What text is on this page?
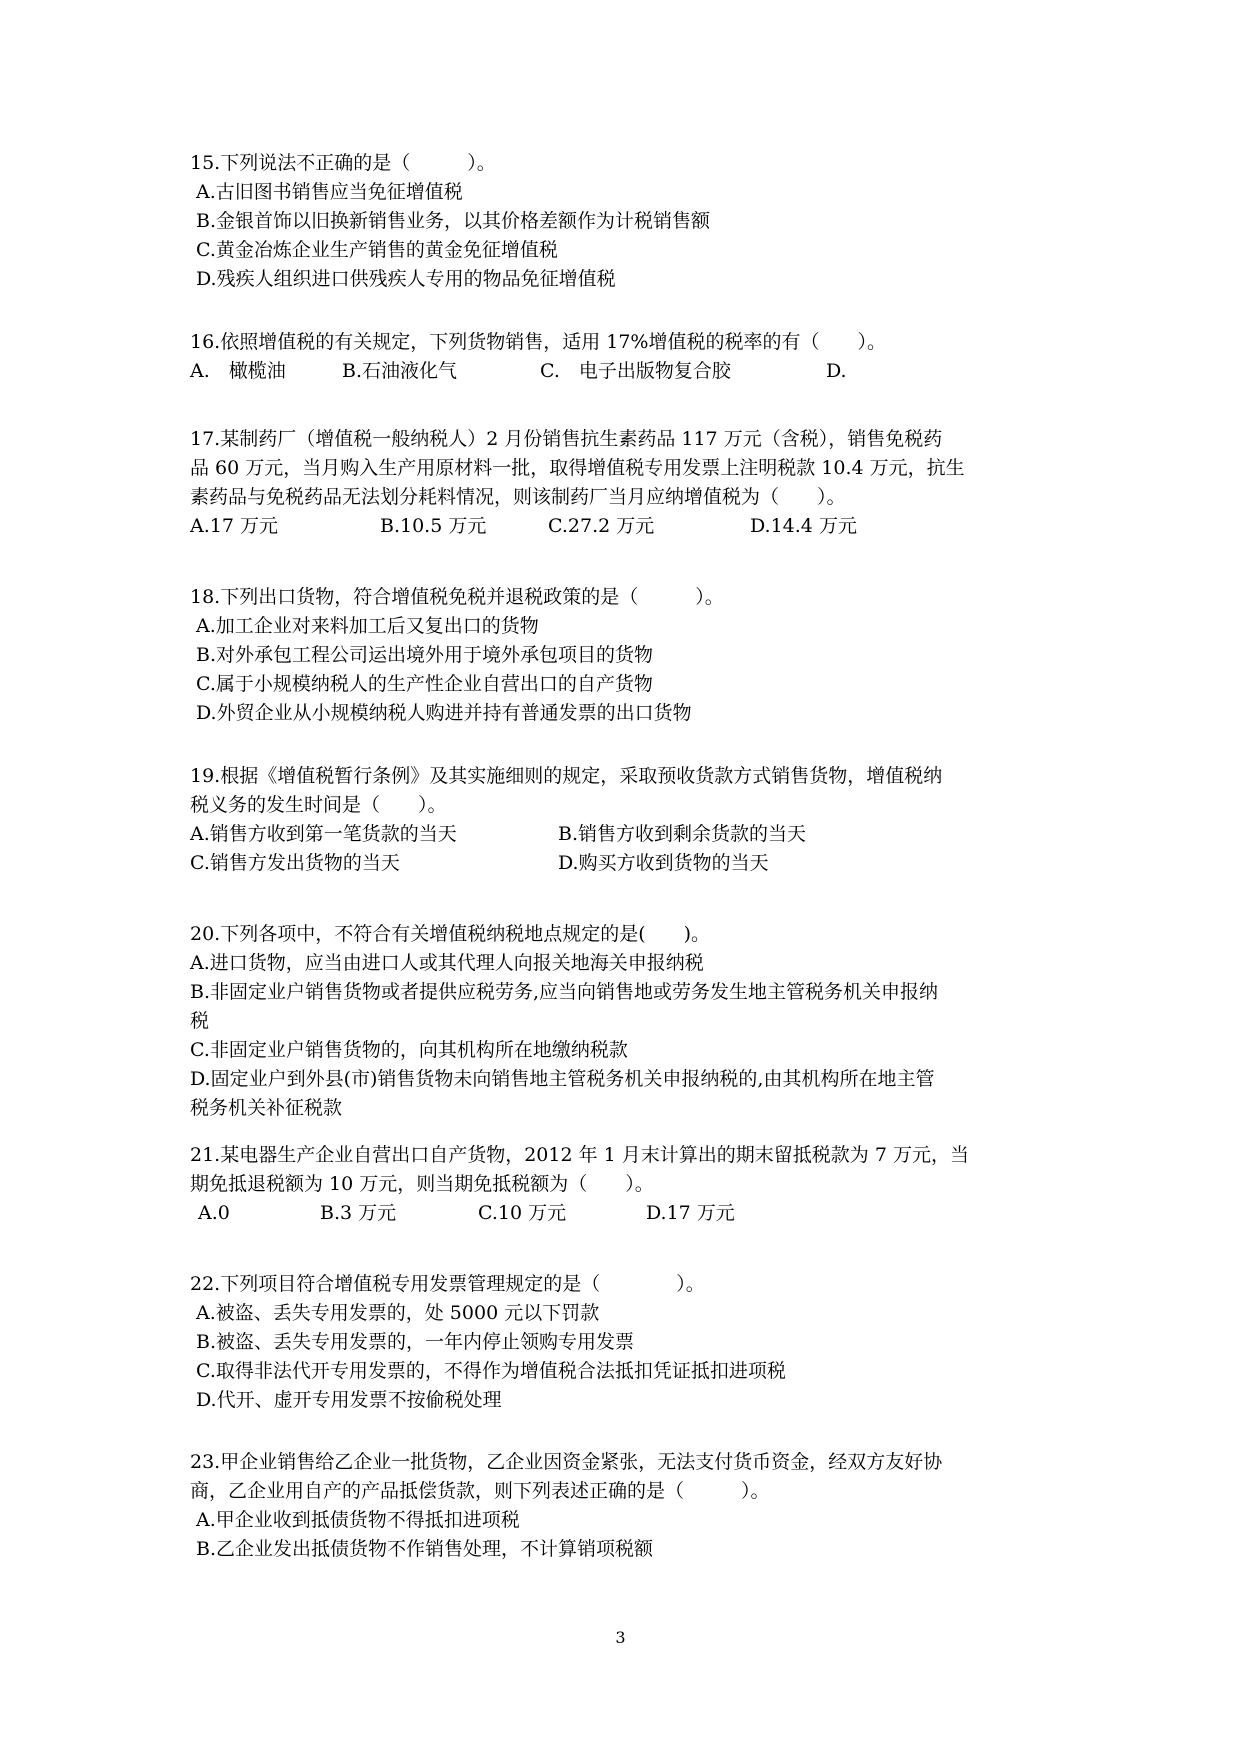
15.下列说法不正确的是（　　　）。
A.古旧图书销售应当免征增值税
B.金银首饰以旧换新销售业务，以其价格差额作为计税销售额
C.黄金冶炼企业生产销售的黄金免征增值税
D.残疾人组织进口供残疾人专用的物品免征增值税
16.依照增值税的有关规定，下列货物销售，适用 17%增值税的税率的有（　　）。
A.　橄榄油	B.石油液化气	C.　电子出版物复合胶	D.
17.某制药厂（增值税一般纳税人）2 月份销售抗生素药品 117 万元（含税），销售免税药
品 60 万元，当月购入生产用原材料一批，取得增值税专用发票上注明税款 10.4 万元，抗生
素药品与免税药品无法划分耗料情况，则该制药厂当月应纳增值税为（　　）。
A.17 万元	B.10.5 万元	C.27.2 万元	D.14.4 万元
18.下列出口货物，符合增值税免税并退税政策的是（　　　）。
A.加工企业对来料加工后又复出口的货物
B.对外承包工程公司运出境外用于境外承包项目的货物
C.属于小规模纳税人的生产性企业自营出口的自产货物
D.外贸企业从小规模纳税人购进并持有普通发票的出口货物
19.根据《增值税暂行条例》及其实施细则的规定，采取预收货款方式销售货物，增值税纳
税义务的发生时间是（　　）。
A.销售方收到第一笔货款的当天	B.销售方收到剩余货款的当天
C.销售方发出货物的当天	D.购买方收到货物的当天
20.下列各项中，不符合有关增值税纳税地点规定的是(　　)。
A.进口货物，应当由进口人或其代理人向报关地海关申报纳税
B.非固定业户销售货物或者提供应税劳务,应当向销售地或劳务发生地主管税务机关申报纳
税
C.非固定业户销售货物的，向其机构所在地缴纳税款
D.固定业户到外县(市)销售货物未向销售地主管税务机关申报纳税的,由其机构所在地主管
税务机关补征税款
21.某电器生产企业自营出口自产货物，2012 年 1 月末计算出的期末留抵税款为 7 万元，当
期免抵退税额为 10 万元，则当期免抵税额为（　　）。
A.0	B.3 万元	C.10 万元	D.17 万元
22.下列项目符合增值税专用发票管理规定的是（　　　　）。
A.被盗、丢失专用发票的，处 5000 元以下罚款
B.被盗、丢失专用发票的，一年内停止领购专用发票
C.取得非法代开专用发票的，不得作为增值税合法抵扣凭证抵扣进项税
D.代开、虚开专用发票不按偷税处理
23.甲企业销售给乙企业一批货物，乙企业因资金紧张，无法支付货币资金，经双方友好协
商，乙企业用自产的产品抵偿货款，则下列表述正确的是（　　　）。
A.甲企业收到抵债货物不得抵扣进项税
B.乙企业发出抵债货物不作销售处理，不计算销项税额
3
